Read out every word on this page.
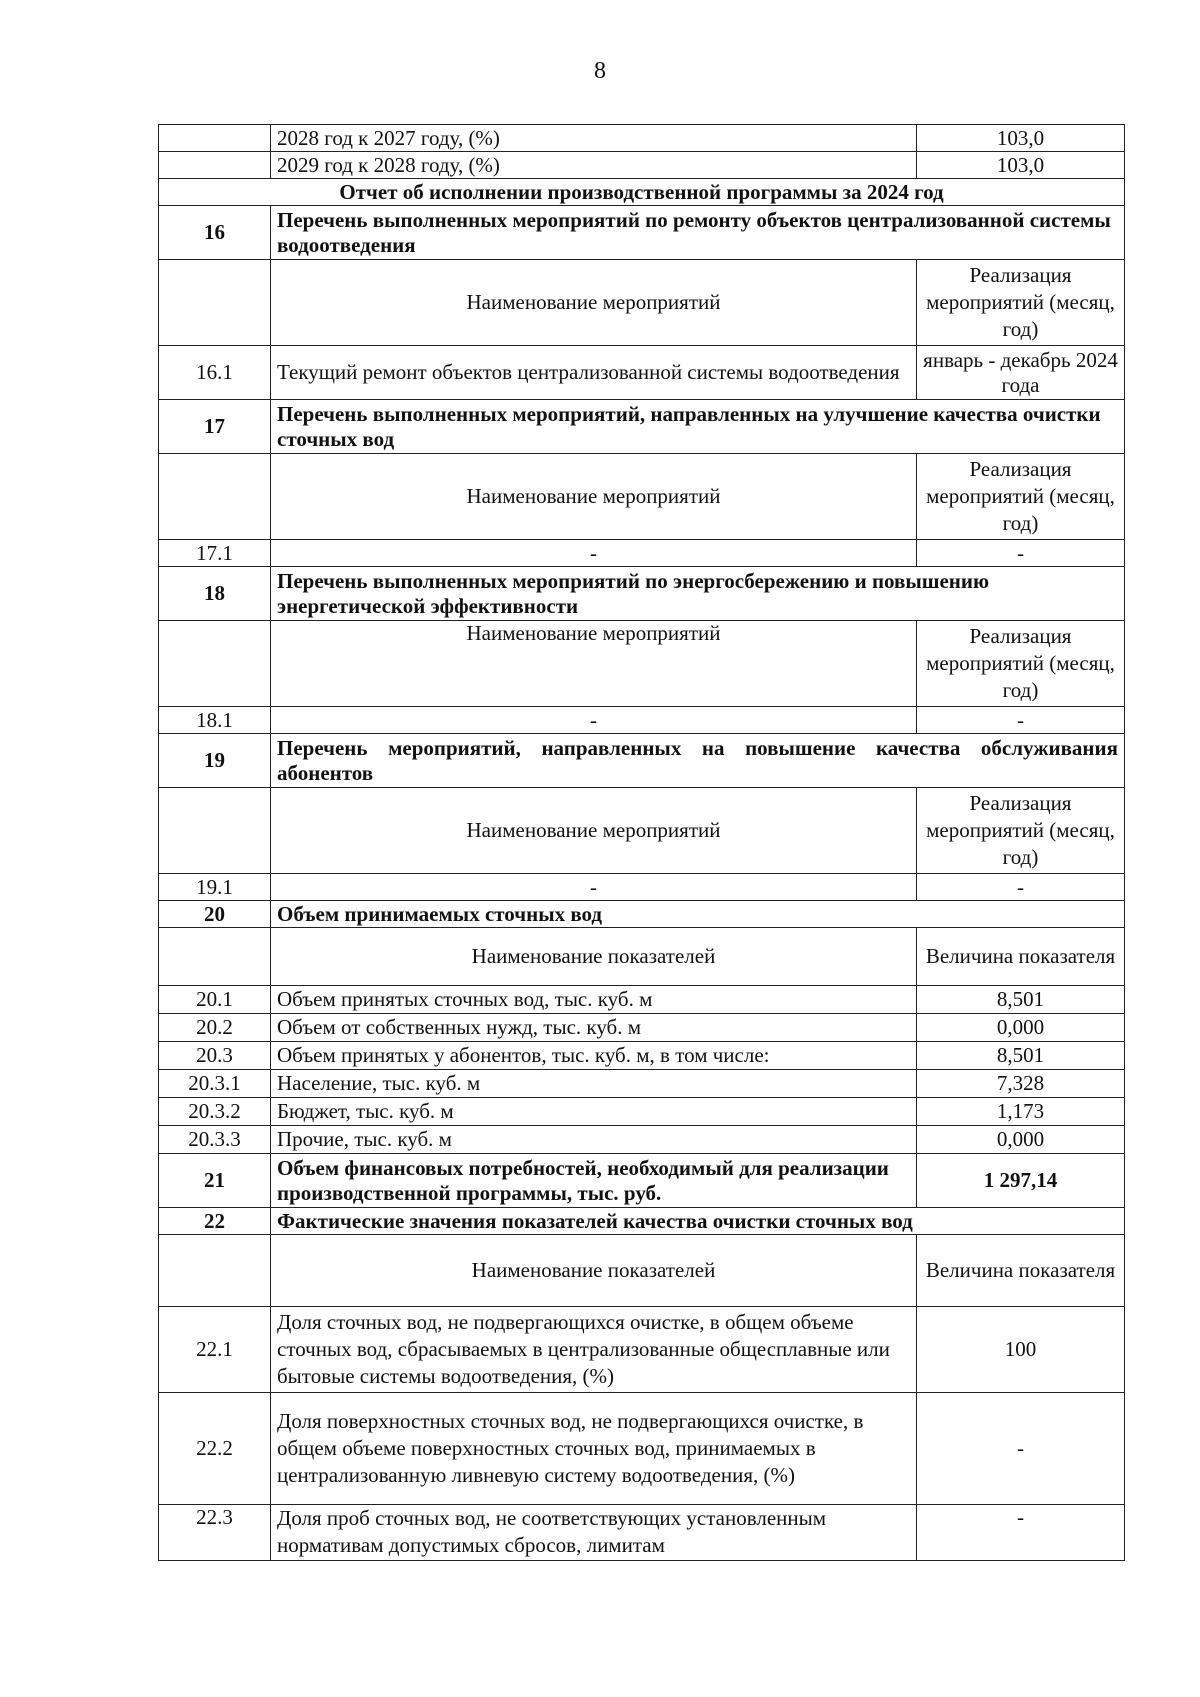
8
	2028 год к 2027 году, (%)	103,0
	2029 год к 2028 году, (%)	103,0
Отчет об исполнении производственной программы за 2024 год		
16	Перечень выполненных мероприятий по ремонту объектов централизованной системы водоотведения	
	Наименование мероприятий	Реализация мероприятий (месяц, год)
16.1	Текущий ремонт объектов централизованной системы водоотведения	январь - декабрь 2024 года
17	Перечень выполненных мероприятий, направленных на улучшение качества очистки сточных вод	
	Наименование мероприятий	Реализация мероприятий (месяц, год)
17.1	-	-
18	Перечень выполненных мероприятий по энергосбережению и повышению энергетической эффективности	
	Наименование мероприятий	Реализация мероприятий (месяц, год)
18.1	-	-
19	Перечень мероприятий, направленных на повышение качества обслуживания абонентов	
	Наименование мероприятий	Реализация мероприятий (месяц, год)
19.1	-	-
20	Объем принимаемых сточных вод	
	Наименование показателей	Величина показателя
20.1	Объем принятых сточных вод, тыс. куб. м	8,501
20.2	Объем от собственных нужд, тыс. куб. м	0,000
20.3	Объем принятых у абонентов, тыс. куб. м, в том числе:	8,501
20.3.1	Население, тыс. куб. м	7,328
20.3.2	Бюджет, тыс. куб. м	1,173
20.3.3	Прочие, тыс. куб. м	0,000
21	Объем финансовых потребностей, необходимый для реализации производственной программы, тыс. руб.	1 297,14
22	Фактические значения показателей качества очистки сточных вод	
	Наименование показателей	Величина показателя
22.1	Доля сточных вод, не подвергающихся очистке, в общем объеме сточных вод, сбрасываемых в централизованные общесплавные или бытовые системы водоотведения, (%)	100
22.2	Доля поверхностных сточных вод, не подвергающихся очистке, в общем объеме поверхностных сточных вод, принимаемых в централизованную ливневую систему водоотведения, (%)	-
22.3	Доля проб сточных вод, не соответствующих установленным нормативам допустимых сбросов, лимитам	-
